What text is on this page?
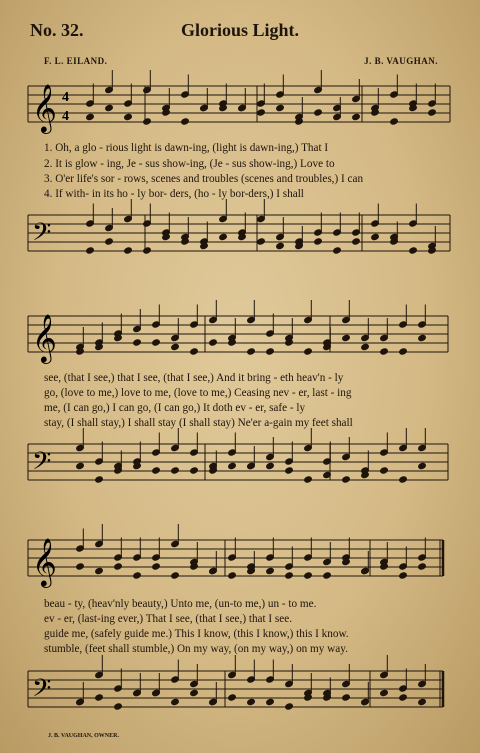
No. 32.	Glorious Light.
F. L. EILAND.	J. B. VAUGHAN.
𝄞 4
4
𝄢
𝄞
𝄢
𝄞
𝄢
1. Oh, a glo - rious light is dawn-ing, (light is dawn-ing,) That I
2. It is glow - ing, Je - sus show-ing, (Je - sus show-ing,) Love to
3. O'er life's sor - rows, scenes and troubles (scenes and troubles,) I can
4. If with- in its ho - ly bor- ders, (ho - ly bor-ders,) I shall
see, (that I see,) that I see, (that I see,) And it bring - eth heav'n - ly
go, (love to me,) love to me, (love to me,) Ceasing nev - er, last - ing
me, (I can go,) I can go, (I can go,) It doth ev - er, safe - ly
stay, (I shall stay,) I shall stay (I shall stay) Ne'er a-gain my feet shall
beau - ty, (heav'nly beauty,) Unto me, (un-to me,) un - to me.
ev - er, (last-ing ever,) That I see, (that I see,) that I see.
guide me, (safely guide me.) This I know, (this I know,) this I know.
stumble, (feet shall stumble,) On my way, (on my way,) on my way.
J. B. VAUGHAN, OWNER.
